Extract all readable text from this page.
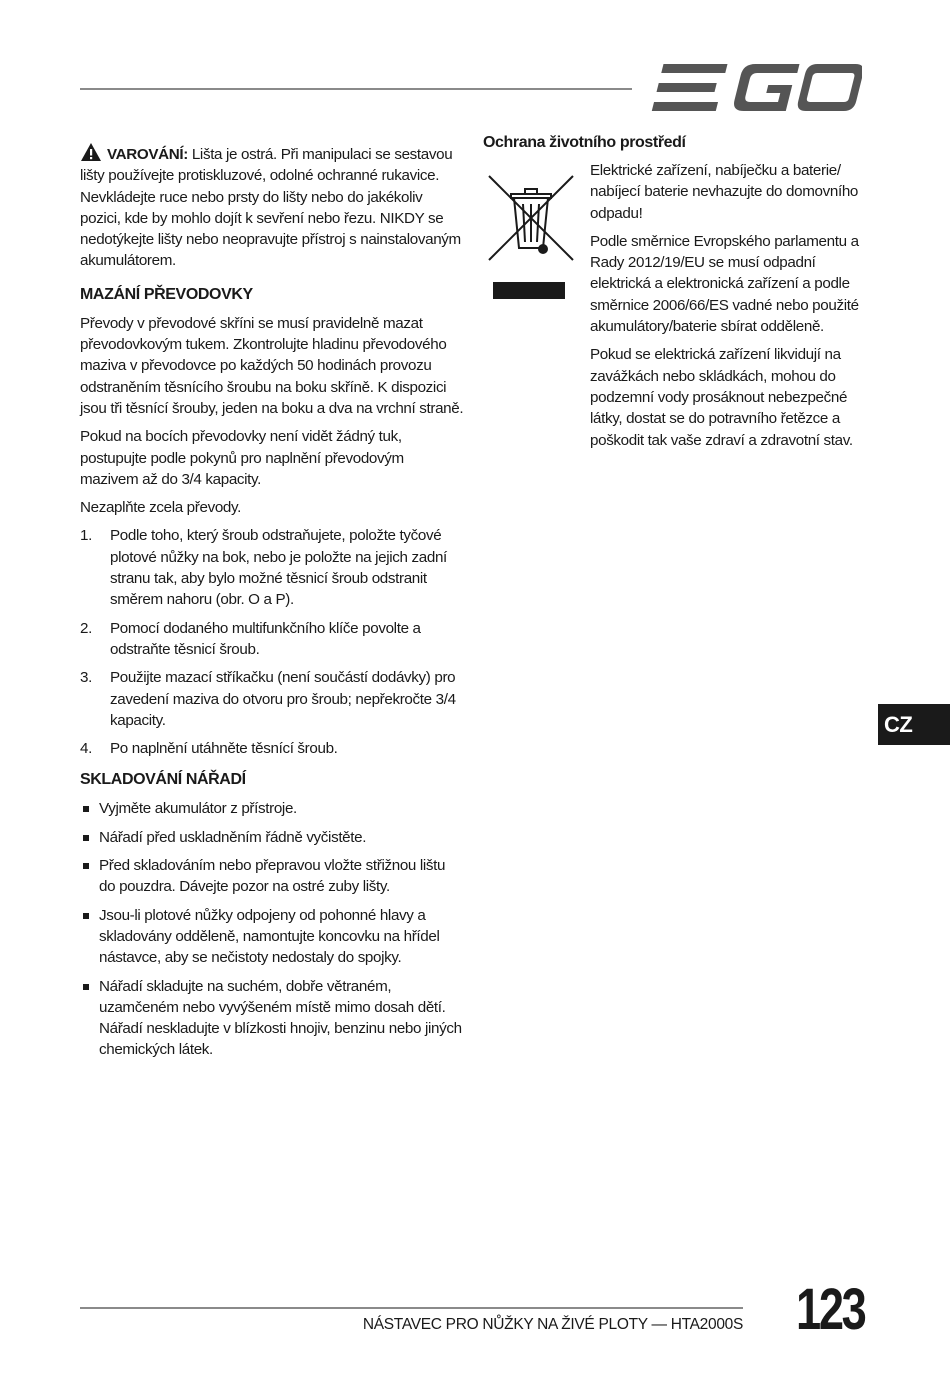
VAROVÁNÍ: Lišta je ostrá. Při manipulaci se sestavou lišty používejte protiskluzové, odolné ochranné rukavice. Nevkládejte ruce nebo prsty do lišty nebo do jakékoliv pozici, kde by mohlo dojít k sevření nebo řezu. NIKDY se nedotýkejte lišty nebo neopravujte přístroj s nainstalovaným akumulátorem.

MAZÁNÍ PŘEVODOVKY

Převody v převodové skříni se musí pravidelně mazat převodovkovým tukem. Zkontrolujte hladinu převodového maziva v převodovce po každých 50 hodinách provozu odstraněním těsnícího šroubu na boku skříně. K dispozici jsou tři těsnící šrouby, jeden na boku a dva na vrchní straně.

Pokud na bocích převodovky není vidět žádný tuk, postupujte podle pokynů pro naplnění převodovým mazivem až do 3/4 kapacity.

Nezaplňte zcela převody.

1. Podle toho, který šroub odstraňujete, položte tyčové plotové nůžky na bok, nebo je položte na jejich zadní stranu tak, aby bylo možné těsnicí šroub odstranit směrem nahoru (obr. O a P).
2. Pomocí dodaného multifunkčního klíče povolte a odstraňte těsnicí šroub.
3. Použijte mazací stříkačku (není součástí dodávky) pro zavedení maziva do otvoru pro šroub; nepřekročte 3/4 kapacity.
4. Po naplnění utáhněte těsnící šroub.
SKLADOVÁNÍ NÁŘADÍ
Vyjměte akumulátor z přístroje.
Nářadí před uskladněním řádně vyčistěte.
Před skladováním nebo přepravou vložte střižnou lištu do pouzdra. Dávejte pozor na ostré zuby lišty.
Jsou-li plotové nůžky odpojeny od pohonné hlavy a skladovány odděleně, namontujte koncovku na hřídel nástavce, aby se nečistoty nedostaly do spojky.
Nářadí skladujte na suchém, dobře větraném, uzamčeném nebo vyvýšeném místě mimo dosah dětí. Nářadí neskladujte v blízkosti hnojiv, benzinu nebo jiných chemických látek.
Ochrana životního prostředí

Elektrické zařízení, nabíječku a baterie/ nabíjecí baterie nevhazujte do domovního odpadu!

Podle směrnice Evropského parlamentu a Rady 2012/19/EU se musí odpadní elektrická a elektronická zařízení a podle směrnice 2006/66/ES vadné nebo použité akumulátory/baterie sbírat odděleně.

Pokud se elektrická zařízení likvidují na zavážkách nebo skládkách, mohou do podzemní vody prosáknout nebezpečné látky, dostat se do potravního řetězce a poškodit tak vaše zdraví a zdravotní stav.

CZ
NÁSTAVEC PRO NŮŽKY NA ŽIVÉ PLOTY — HTA2000S 123
